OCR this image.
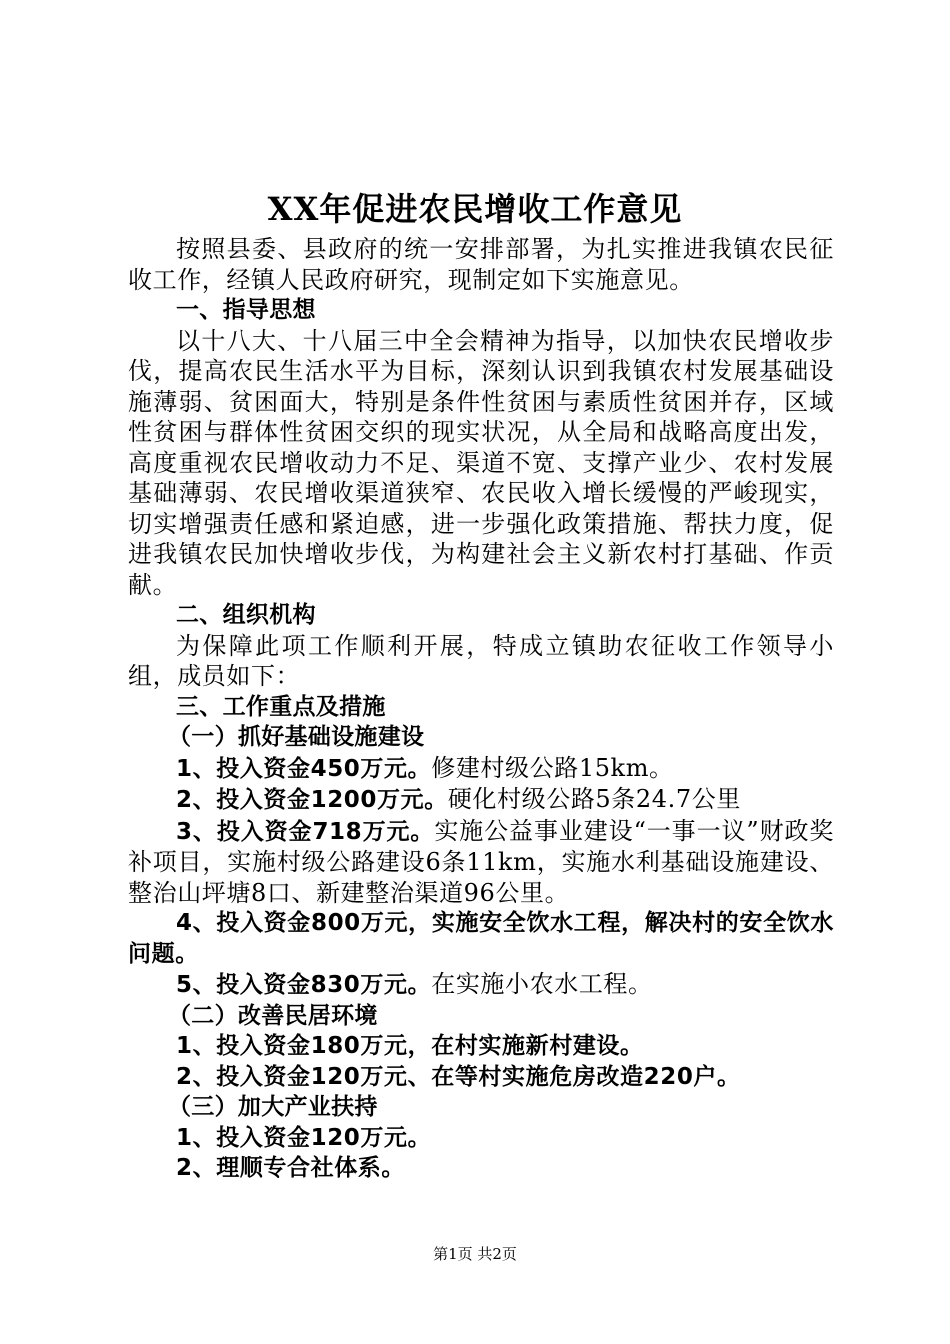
XX年促进农民增收工作意见

按照县委、县政府的统一安排部署，为扎实推进我镇农民征收工作，经镇人民政府研究，现制定如下实施意见。

一、指导思想

以十八大、十八届三中全会精神为指导，以加快农民增收步伐，提高农民生活水平为目标，深刻认识到我镇农村发展基础设施薄弱、贫困面大，特别是条件性贫困与素质性贫困并存，区域性贫困与群体性贫困交织的现实状况，从全局和战略高度出发，高度重视农民增收动力不足、渠道不宽、支撑产业少、农村发展基础薄弱、农民增收渠道狭窄、农民收入增长缓慢的严峻现实，切实增强责任感和紧迫感，进一步强化政策措施、帮扶力度，促进我镇农民加快增收步伐，为构建社会主义新农村打基础、作贡献。

二、组织机构

为保障此项工作顺利开展，特成立镇助农征收工作领导小组，成员如下：

三、工作重点及措施

（一）抓好基础设施建设

1、投入资金450万元。修建村级公路15km。

2、投入资金1200万元。硬化村级公路5条24.7公里

3、投入资金718万元。实施公益事业建设“一事一议”财政奖补项目，实施村级公路建设6条11km，实施水利基础设施建设、整治山坪塘8口、新建整治渠道96公里。

4、投入资金800万元，实施安全饮水工程，解决村的安全饮水问题。

5、投入资金830万元。在实施小农水工程。

（二）改善民居环境

1、投入资金180万元，在村实施新村建设。

2、投入资金120万元、在等村实施危房改造220户。

（三）加大产业扶持

1、投入资金120万元。

2、理顺专合社体系。

第1页 共2页
